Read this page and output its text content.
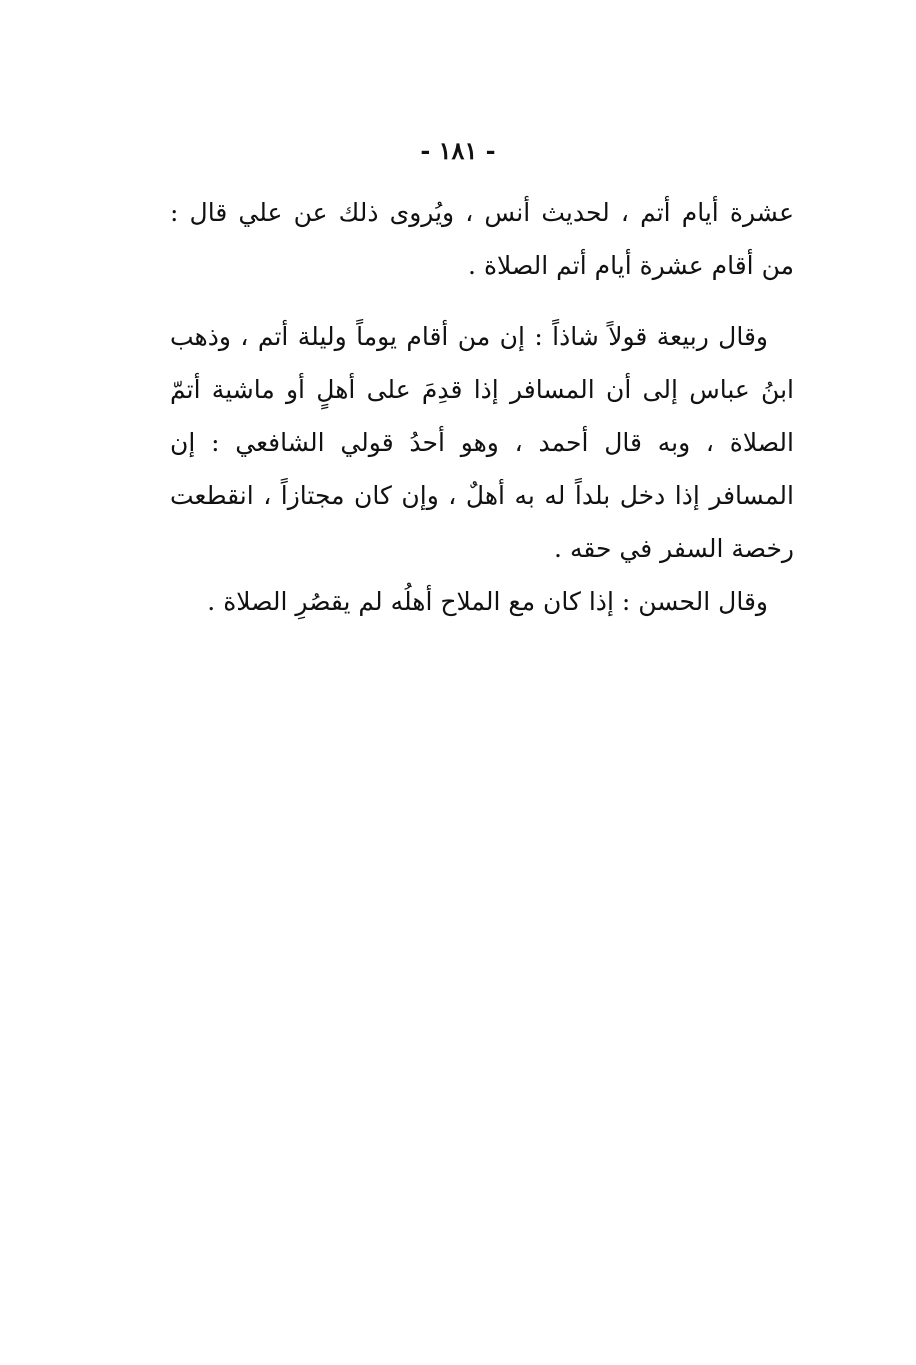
- ١٨١ -

عشرة أيام أتم ، لحديث أنس ، ويُروى ذلك عن علي قال : من أقام عشرة أيام أتم الصلاة .

وقال ربيعة قولاً شاذاً : إن من أقام يوماً وليلة أتم ، وذهب ابنُ عباس إلى أن المسافر إذا قدِمَ على أهلٍ أو ماشية أتمّ الصلاة ، وبه قال أحمد ، وهو أحدُ قولي الشافعي : إن المسافر إذا دخل بلداً له به أهلٌ ، وإن كان مجتازاً ، انقطعت رخصة السفر في حقه .

وقال الحسن : إذا كان مع الملاح أهلُه لم يقصُرِ الصلاة .
